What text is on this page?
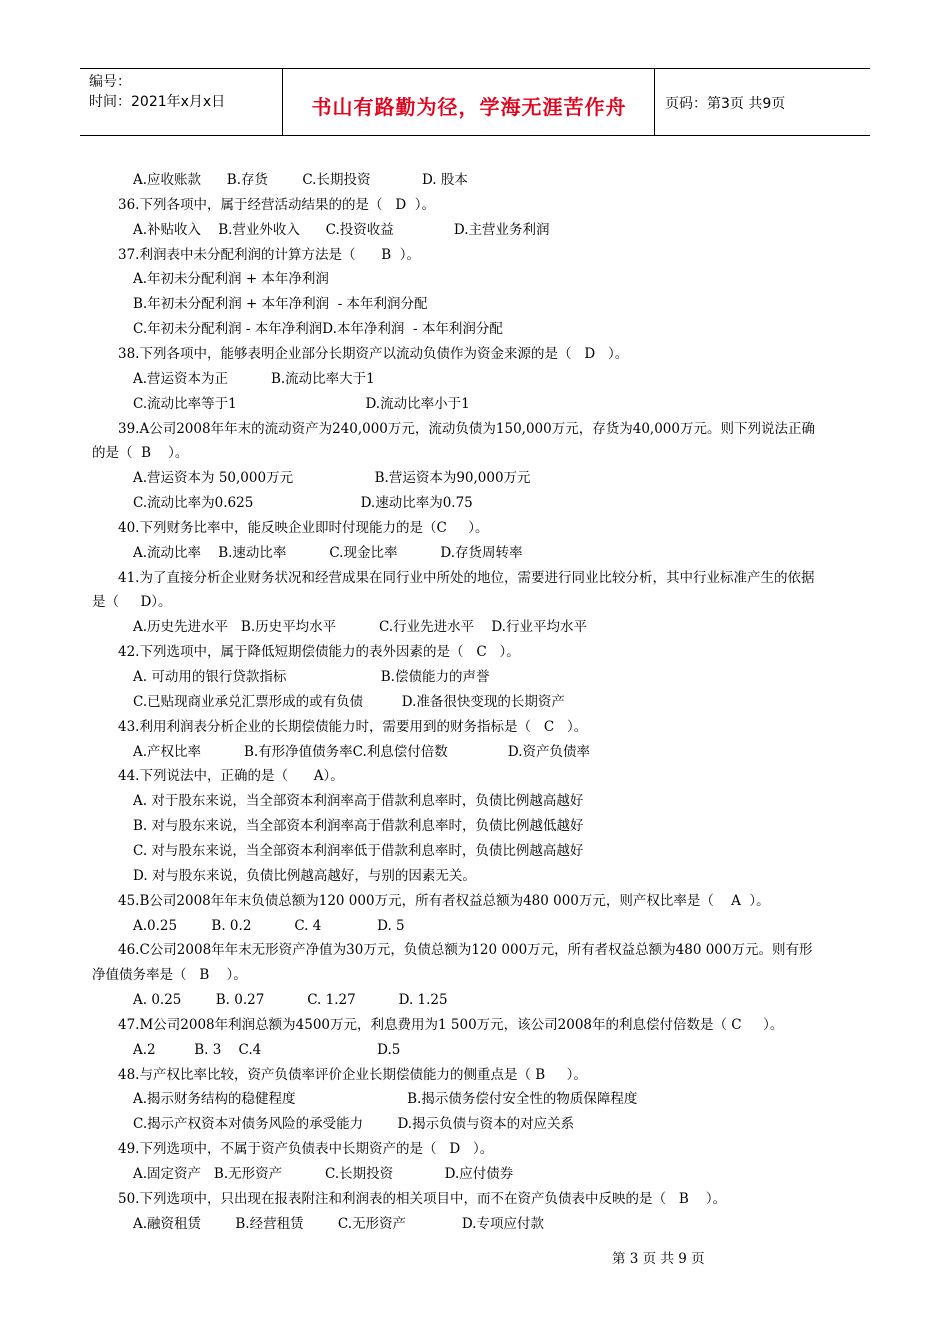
编号：
时间：2021年x月x日	书山有路勤为径，学海无涯苦作舟	页码：第3页 共9页
A.应收账款      B.存货        C.长期投资            D. 股本
36.下列各项中，属于经营活动结果的的是（   D  ）。
A.补贴收入    B.营业外收入      C.投资收益              D.主营业务利润
37.利润表中未分配利润的计算方法是（      B  ）。
A.年初未分配利润 + 本年净利润
B.年初未分配利润 + 本年净利润  - 本年利润分配
C.年初未分配利润 - 本年净利润D.本年净利润  - 本年利润分配
38.下列各项中，能够表明企业部分长期资产以流动负债作为资金来源的是（   D   ）。
A.营运资本为正          B.流动比率大于1
C.流动比率等于1                              D.流动比率小于1
39.A公司2008年年末的流动资产为240,000万元，流动负债为150,000万元，存货为40,000万元。则下列说法正确
的是（  B    ）。
A.营运资本为 50,000万元                   B.营运资本为90,000万元
C.流动比率为0.625                         D.速动比率为0.75
40.下列财务比率中，能反映企业即时付现能力的是（C     ）。
A.流动比率    B.速动比率          C.现金比率          D.存货周转率
41.为了直接分析企业财务状况和经营成果在同行业中所处的地位，需要进行同业比较分析，其中行业标准产生的依据
是（     D）。
A.历史先进水平   B.历史平均水平          C.行业先进水平    D.行业平均水平
42.下列选项中，属于降低短期偿债能力的表外因素的是（   C   ）。
A. 可动用的银行贷款指标                      B.偿债能力的声誉
C.已贴现商业承兑汇票形成的或有负债         D.准备很快变现的长期资产
43.利用利润表分析企业的长期偿债能力时，需要用到的财务指标是（   C   ）。
A.产权比率          B.有形净值债务率C.利息偿付倍数              D.资产负债率
44.下列说法中，正确的是（      A）。
A. 对于股东来说，当全部资本利润率高于借款利息率时，负债比例越高越好
B. 对与股东来说，当全部资本利润率高于借款利息率时，负债比例越低越好
C. 对与股东来说，当全部资本利润率低于借款利息率时，负债比例越高越好
D. 对与股东来说，负债比例越高越好，与别的因素无关。
45.B公司2008年年末负债总额为120 000万元，所有者权益总额为480 000万元，则产权比率是（    A  ）。
A.0.25        B. 0.2          C. 4             D. 5
46.C公司2008年年末无形资产净值为30万元，负债总额为120 000万元，所有者权益总额为480 000万元。则有形
净值债务率是（   B    ）。
A. 0.25        B. 0.27          C. 1.27          D. 1.25
47.M公司2008年利润总额为4500万元，利息费用为1 500万元，该公司2008年的利息偿付倍数是（ C     ）。
A.2         B. 3    C.4                           D.5
48.与产权比率比较，资产负债率评价企业长期偿债能力的侧重点是（ B     ）。
A.揭示财务结构的稳健程度                          B.揭示债务偿付安全性的物质保障程度
C.揭示产权资本对债务风险的承受能力        D.揭示负债与资本的对应关系
49.下列选项中，不属于资产负债表中长期资产的是（   D   ）。
A.固定资产   B.无形资产          C.长期投资            D.应付债券
50.下列选项中，只出现在报表附注和利润表的相关项目中，而不在资产负债表中反映的是（   B    ）。
A.融资租赁        B.经营租赁        C.无形资产             D.专项应付款
第 3 页 共 9 页
